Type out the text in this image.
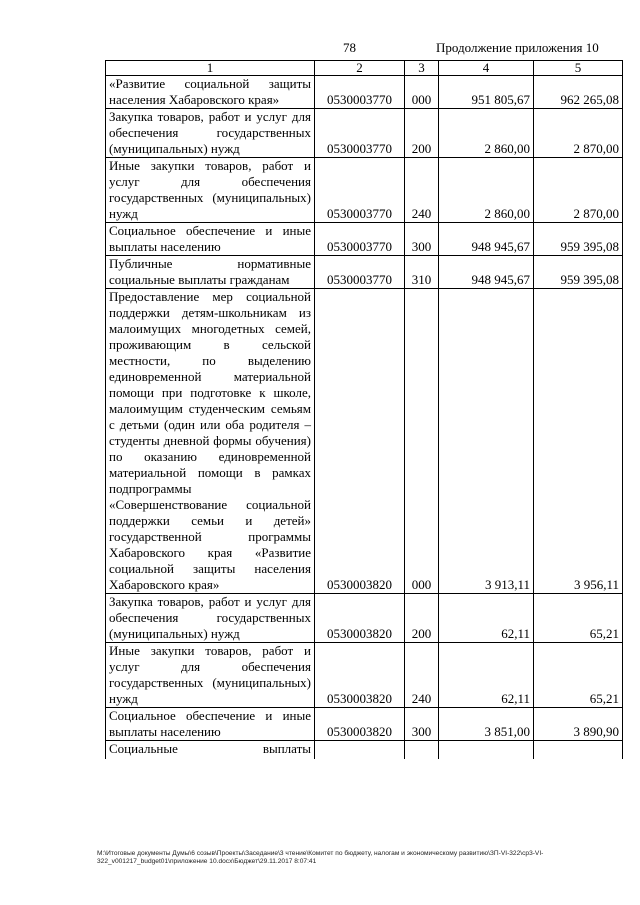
78	Продолжение приложения 10
1	2	3	4	5
«Развитие социальной защиты населения Хабаровского края»	0530003770	000	951 805,67	962 265,08
Закупка товаров, работ и услуг для обеспечения государственных (муниципальных) нужд	0530003770	200	2 860,00	2 870,00
Иные закупки товаров, работ и услуг для обеспечения государственных (муниципальных) нужд	0530003770	240	2 860,00	2 870,00
Социальное обеспечение и иные выплаты населению	0530003770	300	948 945,67	959 395,08
Публичные нормативные социальные выплаты гражданам	0530003770	310	948 945,67	959 395,08
Предоставление мер социальной поддержки детям-школьникам из малоимущих многодетных семей, проживающим в сельской местности, по выделению единовременной материальной помощи при подготовке к школе, малоимущим студенческим семьям с детьми (один или оба родителя – студенты дневной формы обучения) по оказанию единовременной материальной помощи в рамках подпрограммы «Совершенствование социальной поддержки семьи и детей» государственной программы Хабаровского края «Развитие социальной защиты населения Хабаровского края»	0530003820	000	3 913,11	3 956,11
Закупка товаров, работ и услуг для обеспечения государственных (муниципальных) нужд	0530003820	200	62,11	65,21
Иные закупки товаров, работ и услуг для обеспечения государственных (муниципальных) нужд	0530003820	240	62,11	65,21
Социальное обеспечение и иные выплаты населению	0530003820	300	3 851,00	3 890,90
Социальные выплаты				
M:\Итоговые документы Думы\6 созыв\Проекты\Заседание\3 чтение\Комитет по бюджету, налогам и экономическому развитию\ЗП-VI-322\ср3-VI-322_v001217_budget01\приложение 10.docx\Бюджет\29.11.2017 8:07:41
